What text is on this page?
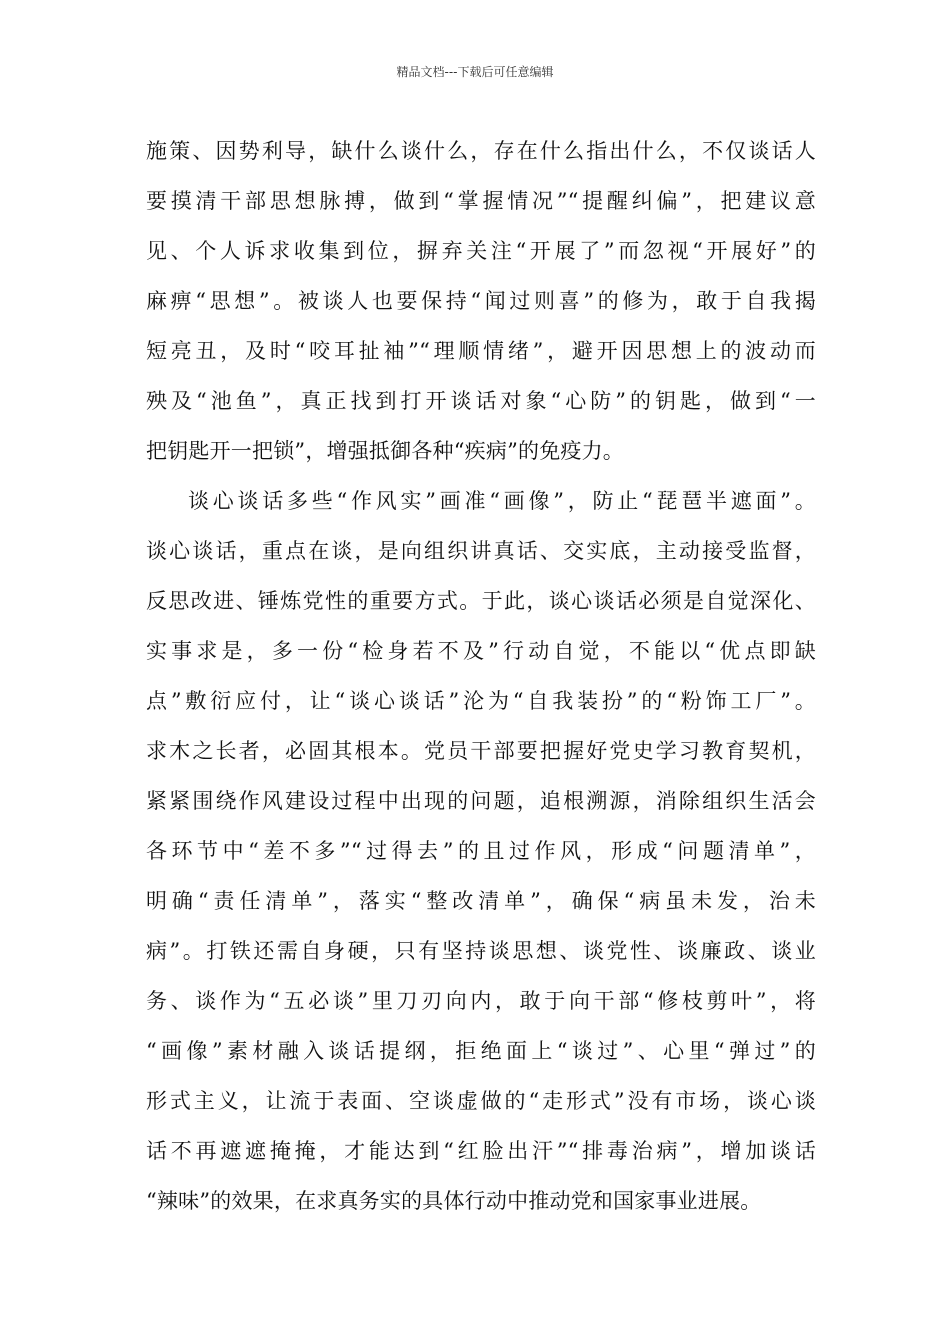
精品文档---下载后可任意编辑
施策、因势利导，缺什么谈什么，存在什么指出什么，不仅谈话人
要摸清干部思想脉搏，做到“掌握情况”“提醒纠偏”，把建议意
见、个人诉求收集到位，摒弃关注“开展了”而忽视“开展好”的
麻痹“思想”。被谈人也要保持“闻过则喜”的修为，敢于自我揭
短亮丑，及时“咬耳扯袖”“理顺情绪”，避开因思想上的波动而
殃及“池鱼”，真正找到打开谈话对象“心防”的钥匙，做到“一
把钥匙开一把锁”，增强抵御各种“疾病”的免疫力。
谈心谈话多些“作风实”画准“画像”，防止“琵琶半遮面”。
谈心谈话，重点在谈，是向组织讲真话、交实底，主动接受监督，
反思改进、锤炼党性的重要方式。于此，谈心谈话必须是自觉深化、
实事求是，多一份“检身若不及”行动自觉，不能以“优点即缺
点”敷衍应付，让“谈心谈话”沦为“自我装扮”的“粉饰工厂”。
求木之长者，必固其根本。党员干部要把握好党史学习教育契机，
紧紧围绕作风建设过程中出现的问题，追根溯源，消除组织生活会
各环节中“差不多”“过得去”的且过作风，形成“问题清单”，
明确“责任清单”，落实“整改清单”，确保“病虽未发，治未
病”。打铁还需自身硬，只有坚持谈思想、谈党性、谈廉政、谈业
务、谈作为“五必谈”里刀刃向内，敢于向干部“修枝剪叶”，将
“画像”素材融入谈话提纲，拒绝面上“谈过”、心里“弹过”的
形式主义，让流于表面、空谈虚做的“走形式”没有市场，谈心谈
话不再遮遮掩掩，才能达到“红脸出汗”“排毒治病”，增加谈话
“辣味”的效果，在求真务实的具体行动中推动党和国家事业进展。
